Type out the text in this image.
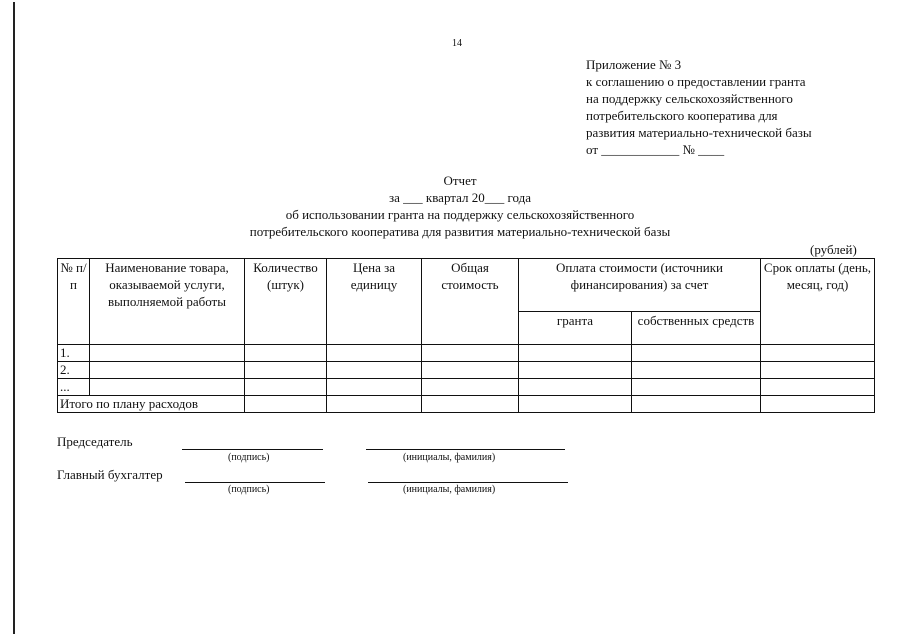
14
Приложение № 3
к соглашению о предоставлении гранта
на поддержку сельскохозяйственного
потребительского кооператива для
развития материально-технической базы
от ____________ № ____
Отчет
за ___ квартал 20___ года
об использовании гранта на поддержку сельскохозяйственного
потребительского кооператива для развития материально-технической базы
(рублей)
№ п/п	Наименование товара, оказываемой услуги, выполняемой работы	Количество (штук)	Цена за единицу	Общая стоимость	Оплата стоимости (источники финансирования) за счет		Срок оплаты (день, месяц, год)
					гранта	собственных средств	
1.							
2.							
...							
Итого по плану расходов							
Председатель
(подпись)	(инициалы, фамилия)
Главный бухгалтер
(подпись)	(инициалы, фамилия)
